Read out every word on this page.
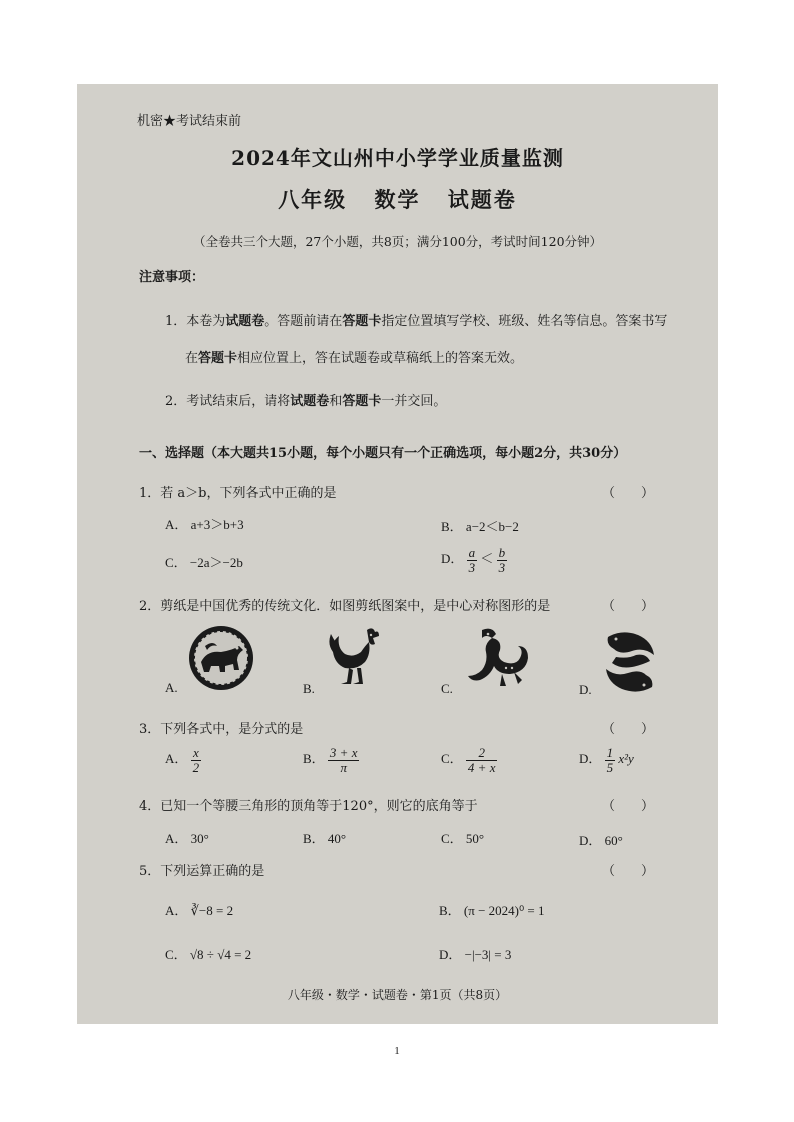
机密★考试结束前
2024年文山州中小学学业质量监测
八年级 数学 试题卷
（全卷共三个大题，27个小题，共8页；满分100分，考试时间120分钟）
注意事项：
1．本卷为试题卷。答题前请在答题卡指定位置填写学校、班级、姓名等信息。答案书写
在答题卡相应位置上，答在试题卷或草稿纸上的答案无效。
2．考试结束后，请将试题卷和答题卡一并交回。
一、选择题（本大题共15小题，每个小题只有一个正确选项，每小题2分，共30分）
1．若 a＞b，下列各式中正确的是	（　　）
A． a+3＞b+3	B． a−2＜b−2
C． −2a＞−2b	D． $\frac{a}{3} < \frac{b}{3}$
2．剪纸是中国优秀的传统文化．如图剪纸图案中，是中心对称图形的是	（　　）
A.	B.	C.	D.
3．下列各式中，是分式的是	（　　）
A． $\frac{x}{2}$	B． $\frac{3 + x}{\pi}$	C． $\frac{2}{4 + x}$	D． $\frac{1}{5} x^2y$
4．已知一个等腰三角形的顶角等于120°，则它的底角等于	（　　）
A． 30°	B． 40°	C． 50°	D． 60°
5．下列运算正确的是	（　　）
A． ∛−8 = 2	B． (π − 2024)⁰ = 1
C． √8 ÷ √4 = 2	D． −|−3| = 3
八年级・数学・试题卷・第1页（共8页）
1
